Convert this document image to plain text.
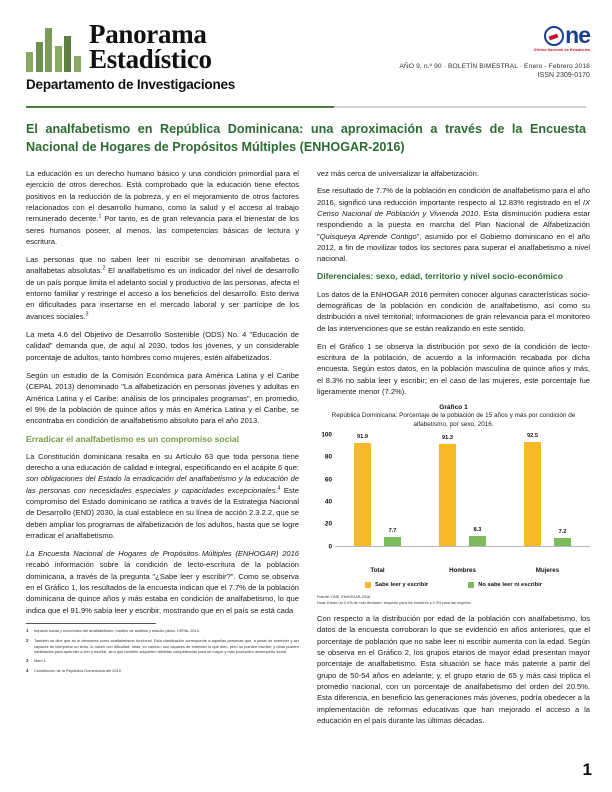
Panorama
Estadístico
Departamento de Investigaciones
ne
Oficina Nacional de Estadística
AÑO 9, n.º 90 · BOLETÍN BIMESTRAL · Enero - Febrero 2018
ISSN 2309-0170
El analfabetismo en República Dominicana: una aproximación a través de la Encuesta Nacional de Hogares de Propósitos Múltiples (ENHOGAR-2016)

La educación es un derecho humano básico y una condición primordial para el ejercicio de otros derechos. Está comprobado que la educación tiene efectos positivos en la reducción de la pobreza, y en el mejoramiento de otros factores relacionados con el desarrollo humano, como la salud y el acceso al trabajo remunerado decente.$^1$ Por tanto, es de gran relevancia para el bienestar de los seres humanos poseer, al menos, las competencias básicas de lectura y escritura.

Las personas que no saben leer ni escribir se denominan analfabetas o analfabetas absolutas.$^2$ El analfabetismo es un indicador del nivel de desarrollo de un país porque limita el adelanto social y productivo de las personas, afecta el entorno familiar y restringe el acceso a los beneficios del desarrollo. Esto deriva en dificultades para insertarse en el mercado laboral y ser partícipe de los avances sociales.$^3$

La meta 4.6 del Objetivo de Desarrollo Sostenible (ODS) No. 4 "Educación de calidad" demanda que, de aquí al 2030, todos los jóvenes, y un considerable porcentaje de adultos, tanto hombres como mujeres, estén alfabetizados.

Según un estudio de la Comisión Económica para América Latina y el Caribe (CEPAL 2013) denominado "La alfabetización en personas jóvenes y adultas en América Latina y el Caribe: análisis de los principales programas", en promedio, el 9% de la población de quince años y más en América Latina y el Caribe, se encontraba en condición de analfabetismo absoluto para el año 2013.

Erradicar el analfabetismo es un compromiso social

La Constitución dominicana resalta en su Artículo 63 que toda persona tiene derecho a una educación de calidad e integral, especificando en el acápite 6 que: son obligaciones del Estado la erradicación del analfabetismo y la educación de las personas con necesidades especiales y capacidades excepcionales.$^4$ Este compromiso del Estado dominicano se ratifica a través de la Estrategia Nacional de Desarrollo (END) 2030, la cual establece en su línea de acción 2.3.2.2, que se deben ampliar los programas de alfabetización de los adultos, hasta que se logre erradicar el analfabetismo.

La Encuesta Nacional de Hogares de Propósitos Múltiples (ENHOGAR) 2016 recabó información sobre la condición de lecto-escritura de la población dominicana, a través de la pregunta "¿Sabe leer y escribir?". Como se observa en el Gráfico 1, los resultados de la encuesta indican que el 7.7% de la población dominicana de quince años y más estaba en condición de analfabetismo, lo que indica que el 91.9% sabía leer y escribir, mostrando que en el país se está cada

1	Impacto social y económico del analfabetismo: modelo de análisis y estudio piloto. CEPAL 2010.
2	También se dice que se le denomina como analfabetismo funcional. Esta clasificación corresponde a aquellas personas que, a pesar de entender y ser capaces de interpretar un texto, lo hacen con dificultad; otras, en cambio, son capaces de entender lo que leen, pero no pueden escribir; y otras poseen habilidades para aprender a leer y escribir, sino que también adquieren distintas competencias para un mayor y más productivo desempeño social.
3	Ídem 1.
4	Constitución de la República Dominicana del 2010.

vez más cerca de universalizar la alfabetización.

Ese resultado de 7.7% de la población en condición de analfabetismo para el año 2016, significó una reducción importante respecto al 12.83% registrado en el IX Censo Nacional de Población y Vivienda 2010. Esta disminución pudiera estar respondiendo a la puesta en marcha del Plan Nacional de Alfabetización "Quisqueya Aprende Contigo", asumido por el Gobierno dominicano en el año 2012, a fin de movilizar todos los sectores para superar el analfabetismo a nivel nacional.

Diferenciales: sexo, edad, territorio y nivel socio-económico

Los datos de la ENHOGAR 2016 permiten conocer algunas características socio-demográficas de la población en condición de analfabetismo, así como su distribución a nivel territorial; informaciones de gran relevancia para el monitoreo de las intervenciones que se están realizando en este sentido.

En el Gráfico 1 se observa la distribución por sexo de la condición de lecto-escritura de la población, de acuerdo a la información recabada por dicha encuesta. Según estos datos, en la población masculina de quince años y más, el 8.3% no sabía leer y escribir; en el caso de las mujeres, este porcentaje fue ligeramente menor (7.2%).

Gráfico 1
República Dominicana: Porcentaje de la población de 15 años y más por condición de alfabetismo, por sexo, 2016.
100
80
60
40
20
0
91.9
7.7
91.3
8.3
92.5
7.2
Total	Hombres	Mujeres
Sabe leer y escribir	No sabe leer ni escribir
Fuente: ONE, ENHOGAR-2016
Nota: Existe un 0.4% de «sin declarar» respecto para los hombres y 0.3% para las mujeres.

Con respecto a la distribución por edad de la población con analfabetismo, los datos de la encuesta corroboran lo que se evidenció en años anteriores, que el porcentaje de población que no sabe leer ni escribir aumenta con la edad. Según se observa en el Gráfico 2, los grupos etarios de mayor edad presentan mayor porcentaje de analfabetismo. Esta situación se hace más patente a partir del grupo de 50-54 años en adelante; y, el grupo etario de 65 y más casi triplica el promedio nacional, con un porcentaje de analfabetismo del orden del 20.5%. Esta diferencia, en beneficio las generaciones más jóvenes, podría obedecer a la implementación de reformas educativas que han mejorado el acceso a la educación en el país durante las últimas décadas.

1
